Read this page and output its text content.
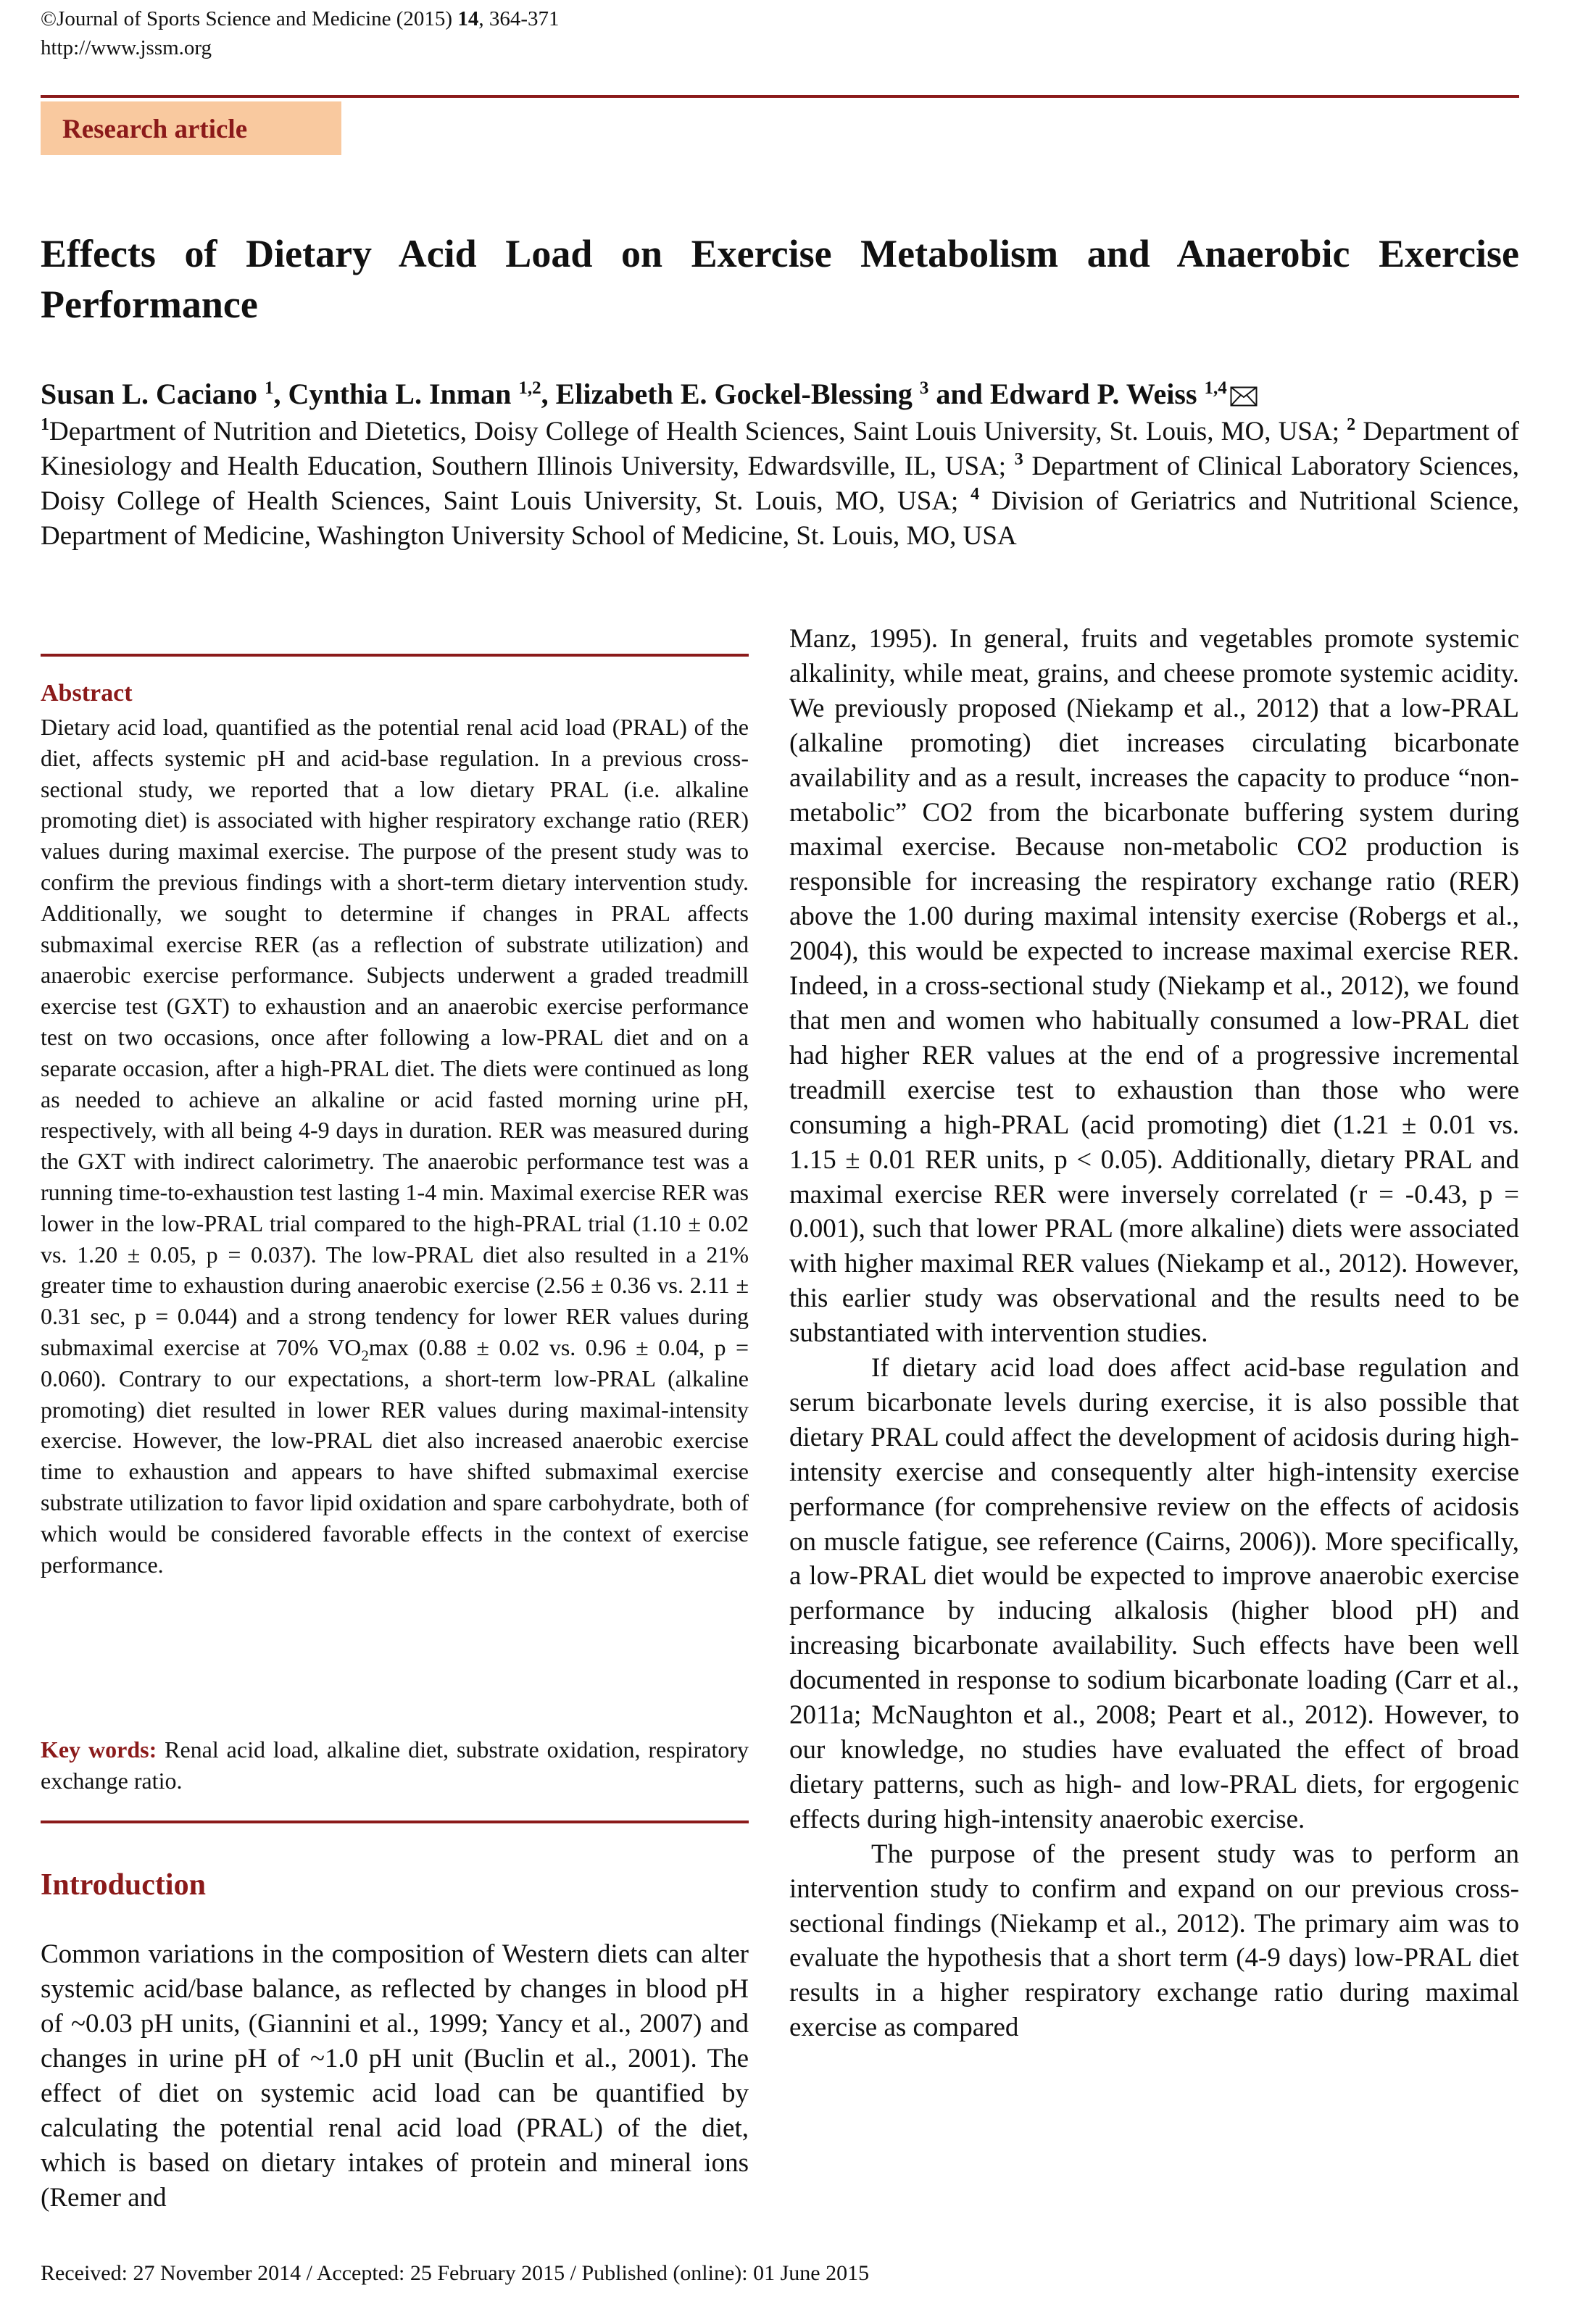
©Journal of Sports Science and Medicine (2015) 14, 364-371
http://www.jssm.org
Research article
Effects of Dietary Acid Load on Exercise Metabolism and Anaerobic Exercise Performance
Susan L. Caciano $^1$, Cynthia L. Inman $^{1,2}$, Elizabeth E. Gockel-Blessing $^3$ and Edward P. Weiss $^{1,4}$
$^1$Department of Nutrition and Dietetics, Doisy College of Health Sciences, Saint Louis University, St. Louis, MO, USA; $^2$ Department of Kinesiology and Health Education, Southern Illinois University, Edwardsville, IL, USA; $^3$ Department of Clinical Laboratory Sciences, Doisy College of Health Sciences, Saint Louis University, St. Louis, MO, USA; $^4$ Division of Geriatrics and Nutritional Science, Department of Medicine, Washington University School of Medicine, St. Louis, MO, USA
Abstract
Dietary acid load, quantified as the potential renal acid load (PRAL) of the diet, affects systemic pH and acid-base regulation. In a previous cross-sectional study, we reported that a low dietary PRAL (i.e. alkaline promoting diet) is associated with higher respiratory exchange ratio (RER) values during maximal exercise. The purpose of the present study was to confirm the previous findings with a short-term dietary intervention study. Additionally, we sought to determine if changes in PRAL affects submaximal exercise RER (as a reflection of substrate utilization) and anaerobic exercise performance. Subjects underwent a graded treadmill exercise test (GXT) to exhaustion and an anaerobic exercise performance test on two occasions, once after following a low-PRAL diet and on a separate occasion, after a high-PRAL diet. The diets were continued as long as needed to achieve an alkaline or acid fasted morning urine pH, respectively, with all being 4-9 days in duration. RER was measured during the GXT with indirect calorimetry. The anaerobic performance test was a running time-to-exhaustion test lasting 1-4 min. Maximal exercise RER was lower in the low-PRAL trial compared to the high-PRAL trial (1.10 ± 0.02 vs. 1.20 ± 0.05, p = 0.037). The low-PRAL diet also resulted in a 21% greater time to exhaustion during anaerobic exercise (2.56 ± 0.36 vs. 2.11 ± 0.31 sec, p = 0.044) and a strong tendency for lower RER values during submaximal exercise at 70% $VO_2\max$ (0.88 ± 0.02 vs. 0.96 ± 0.04, p = 0.060). Contrary to our expectations, a short-term low-PRAL (alkaline promoting) diet resulted in lower RER values during maximal-intensity exercise. However, the low-PRAL diet also increased anaerobic exercise time to exhaustion and appears to have shifted submaximal exercise substrate utilization to favor lipid oxidation and spare carbohydrate, both of which would be considered favorable effects in the context of exercise performance.
Key words: Renal acid load, alkaline diet, substrate oxidation, respiratory exchange ratio.
Introduction
Common variations in the composition of Western diets can alter systemic acid/base balance, as reflected by changes in blood pH of ~0.03 pH units, (Giannini et al., 1999; Yancy et al., 2007) and changes in urine pH of ~1.0 pH unit (Buclin et al., 2001). The effect of diet on systemic acid load can be quantified by calculating the potential renal acid load (PRAL) of the diet, which is based on dietary intakes of protein and mineral ions (Remer and

Manz, 1995). In general, fruits and vegetables promote systemic alkalinity, while meat, grains, and cheese promote systemic acidity. We previously proposed (Niekamp et al., 2012) that a low-PRAL (alkaline promoting) diet increases circulating bicarbonate availability and as a result, increases the capacity to produce “non-metabolic” CO2 from the bicarbonate buffering system during maximal exercise. Because non-metabolic CO2 production is responsible for increasing the respiratory exchange ratio (RER) above the 1.00 during maximal intensity exercise (Robergs et al., 2004), this would be expected to increase maximal exercise RER. Indeed, in a cross-sectional study (Niekamp et al., 2012), we found that men and women who habitually consumed a low-PRAL diet had higher RER values at the end of a progressive incremental treadmill exercise test to exhaustion than those who were consuming a high-PRAL (acid promoting) diet (1.21 ± 0.01 vs. 1.15 ± 0.01 RER units, p < 0.05). Additionally, dietary PRAL and maximal exercise RER were inversely correlated (r = -0.43, p = 0.001), such that lower PRAL (more alkaline) diets were associated with higher maximal RER values (Niekamp et al., 2012). However, this earlier study was observational and the results need to be substantiated with intervention studies.

If dietary acid load does affect acid-base regulation and serum bicarbonate levels during exercise, it is also possible that dietary PRAL could affect the development of acidosis during high-intensity exercise and consequently alter high-intensity exercise performance (for comprehensive review on the effects of acidosis on muscle fatigue, see reference (Cairns, 2006)). More specifically, a low-PRAL diet would be expected to improve anaerobic exercise performance by inducing alkalosis (higher blood pH) and increasing bicarbonate availability. Such effects have been well documented in response to sodium bicarbonate loading (Carr et al., 2011a; McNaughton et al., 2008; Peart et al., 2012). However, to our knowledge, no studies have evaluated the effect of broad dietary patterns, such as high- and low-PRAL diets, for ergogenic effects during high-intensity anaerobic exercise.

The purpose of the present study was to perform an intervention study to confirm and expand on our previous cross-sectional findings (Niekamp et al., 2012). The primary aim was to evaluate the hypothesis that a short term (4-9 days) low-PRAL diet results in a higher respiratory exchange ratio during maximal exercise as compared

Received: 27 November 2014 / Accepted: 25 February 2015 / Published (online): 01 June 2015
